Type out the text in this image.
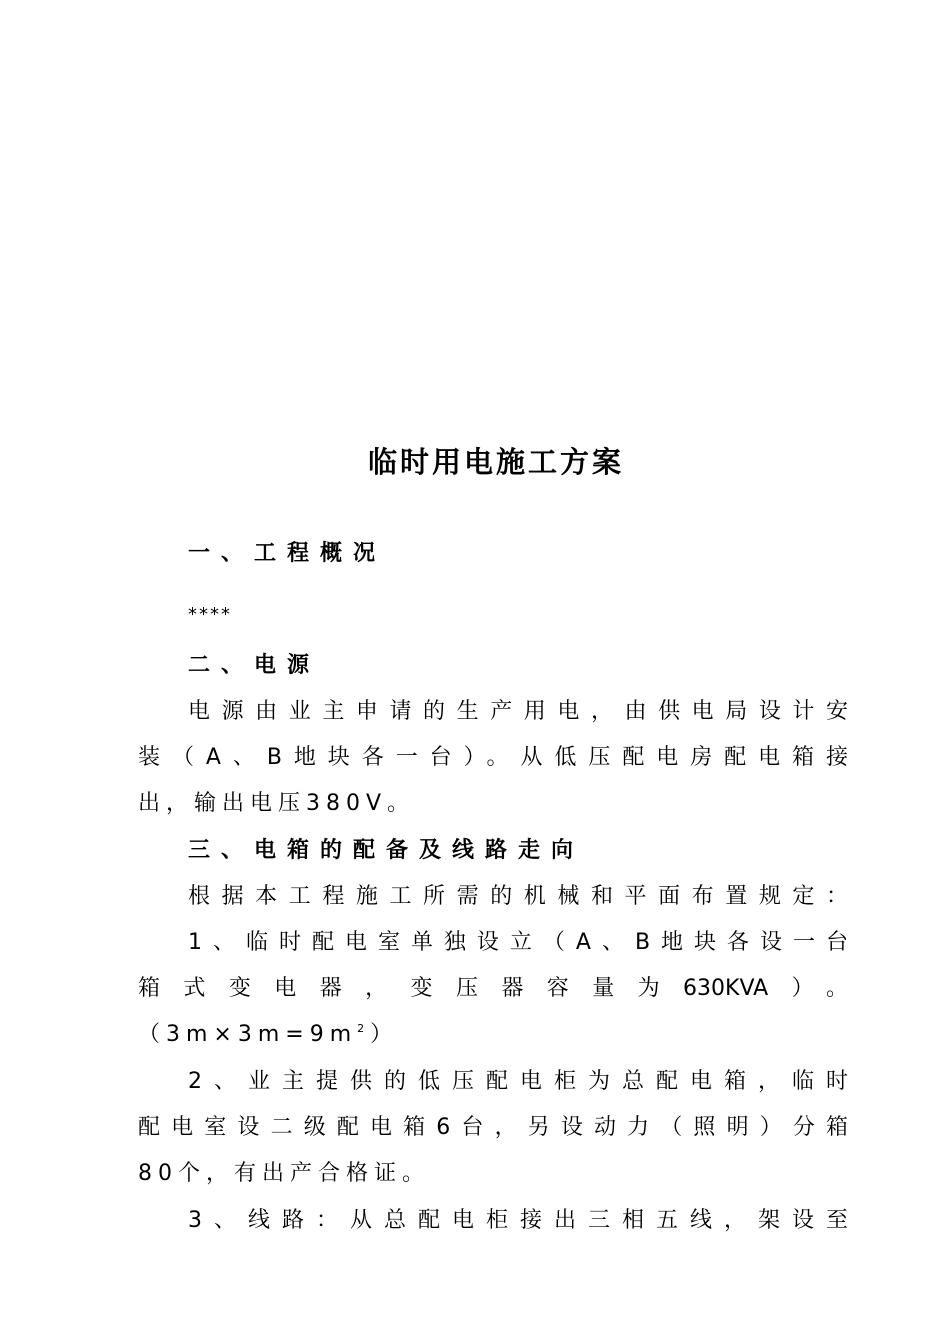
临时用电施工方案
一、工程概况
****
二、电源
电源由业主申请的生产用电，由供电局设计安
装（A、B地块各一台）。从低压配电房配电箱接
出，输出电压380V。
三、电箱的配备及线路走向
根据本工程施工所需的机械和平面布置规定：
1、临时配电室单独设立（A、B地块各设一台
箱式变电器，变压器容量为630KVA）。
$(3m\times 3m=9m^2)$
2、业主提供的低压配电柜为总配电箱，临时
配电室设二级配电箱6台，另设动力（照明）分箱
80个，有出产合格证。
3、线路：从总配电柜接出三相五线，架设至
